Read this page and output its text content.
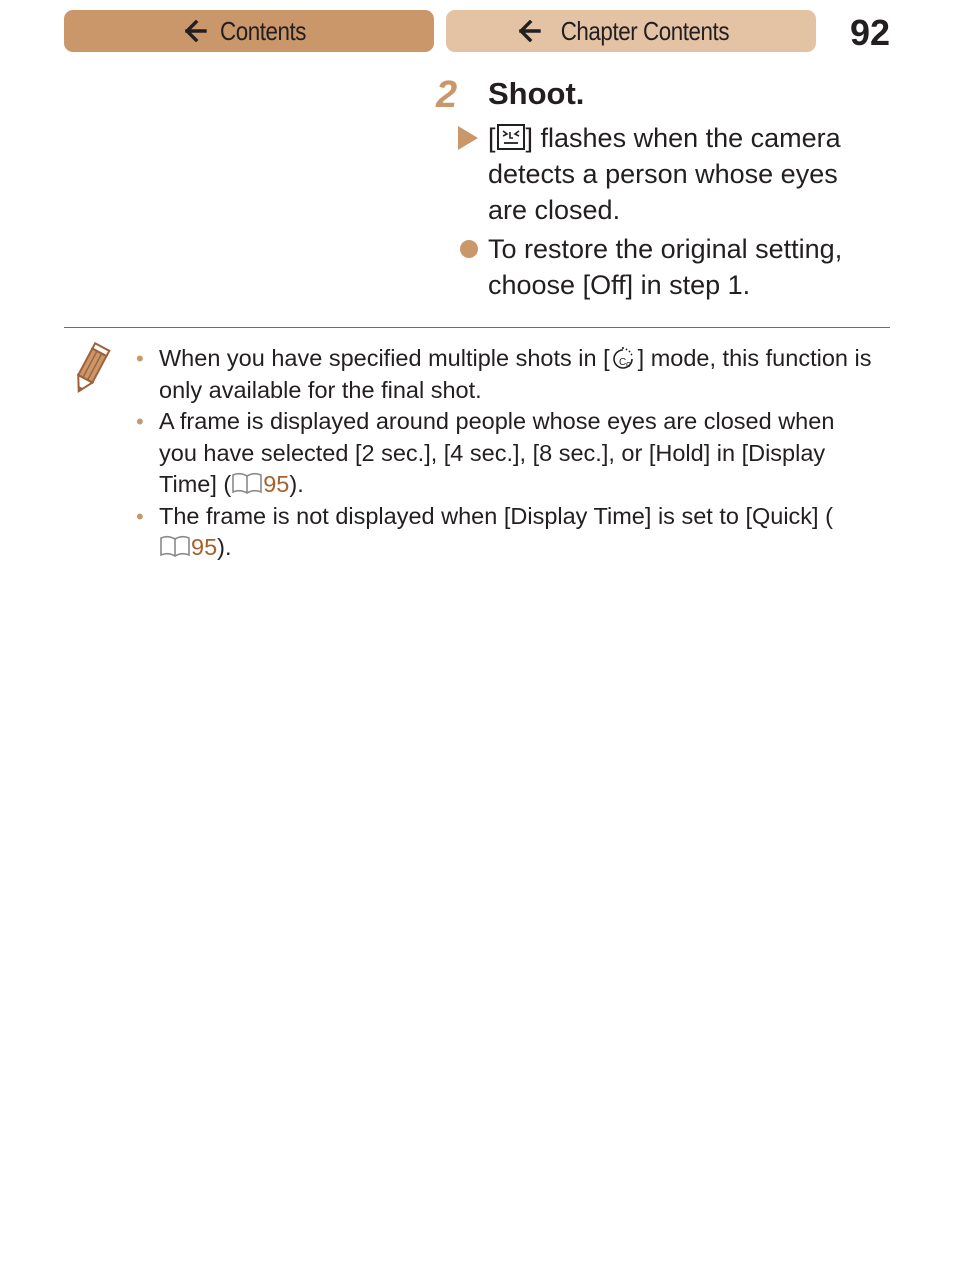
Contents	Chapter Contents	92
2 Shoot.
[ ] flashes when the camera detects a person whose eyes are closed.
To restore the original setting, choose [Off] in step 1.
• When you have specified multiple shots in [ C c ] mode, this function is only available for the final shot.
• A frame is displayed around people whose eyes are closed when you have selected [2 sec.], [4 sec.], [8 sec.], or [Hold] in [Display Time] ( 95).
• The frame is not displayed when [Display Time] is set to [Quick] (95).
